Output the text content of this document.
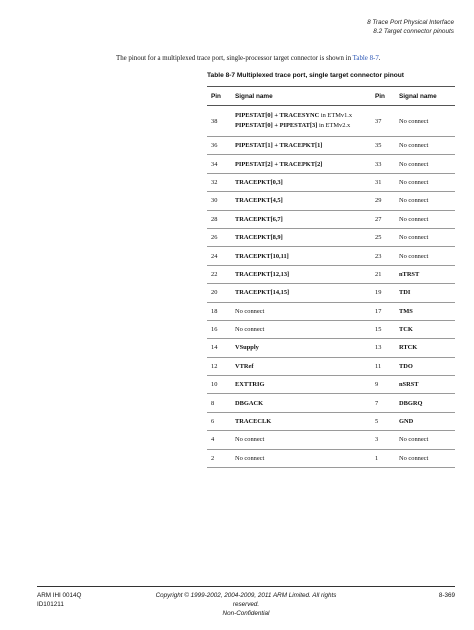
8 Trace Port Physical Interface
8.2 Target connector pinouts
The pinout for a multiplexed trace port, single-processor target connector is shown in Table 8-7.
Table 8-7 Multiplexed trace port, single target connector pinout
Pin	Signal name	Pin	Signal name
38	PIPESTAT[0] + TRACESYNC in ETMv1.x
PIPESTAT[0] + PIPESTAT[3] in ETMv2.x	37	No connect
36	PIPESTAT[1] + TRACEPKT[1]	35	No connect
34	PIPESTAT[2] + TRACEPKT[2]	33	No connect
32	TRACEPKT[0,3]	31	No connect
30	TRACEPKT[4,5]	29	No connect
28	TRACEPKT[6,7]	27	No connect
26	TRACEPKT[8,9]	25	No connect
24	TRACEPKT[10,11]	23	No connect
22	TRACEPKT[12,13]	21	nTRST
20	TRACEPKT[14,15]	19	TDI
18	No connect	17	TMS
16	No connect	15	TCK
14	VSupply	13	RTCK
12	VTRef	11	TDO
10	EXTTRIG	9	nSRST
8	DBGACK	7	DBGRQ
6	TRACECLK	5	GND
4	No connect	3	No connect
2	No connect	1	No connect
ARM IHI 0014Q
ID101211
Copyright © 1999-2002, 2004-2009, 2011 ARM Limited. All rights reserved.
Non-Confidential
8-369
